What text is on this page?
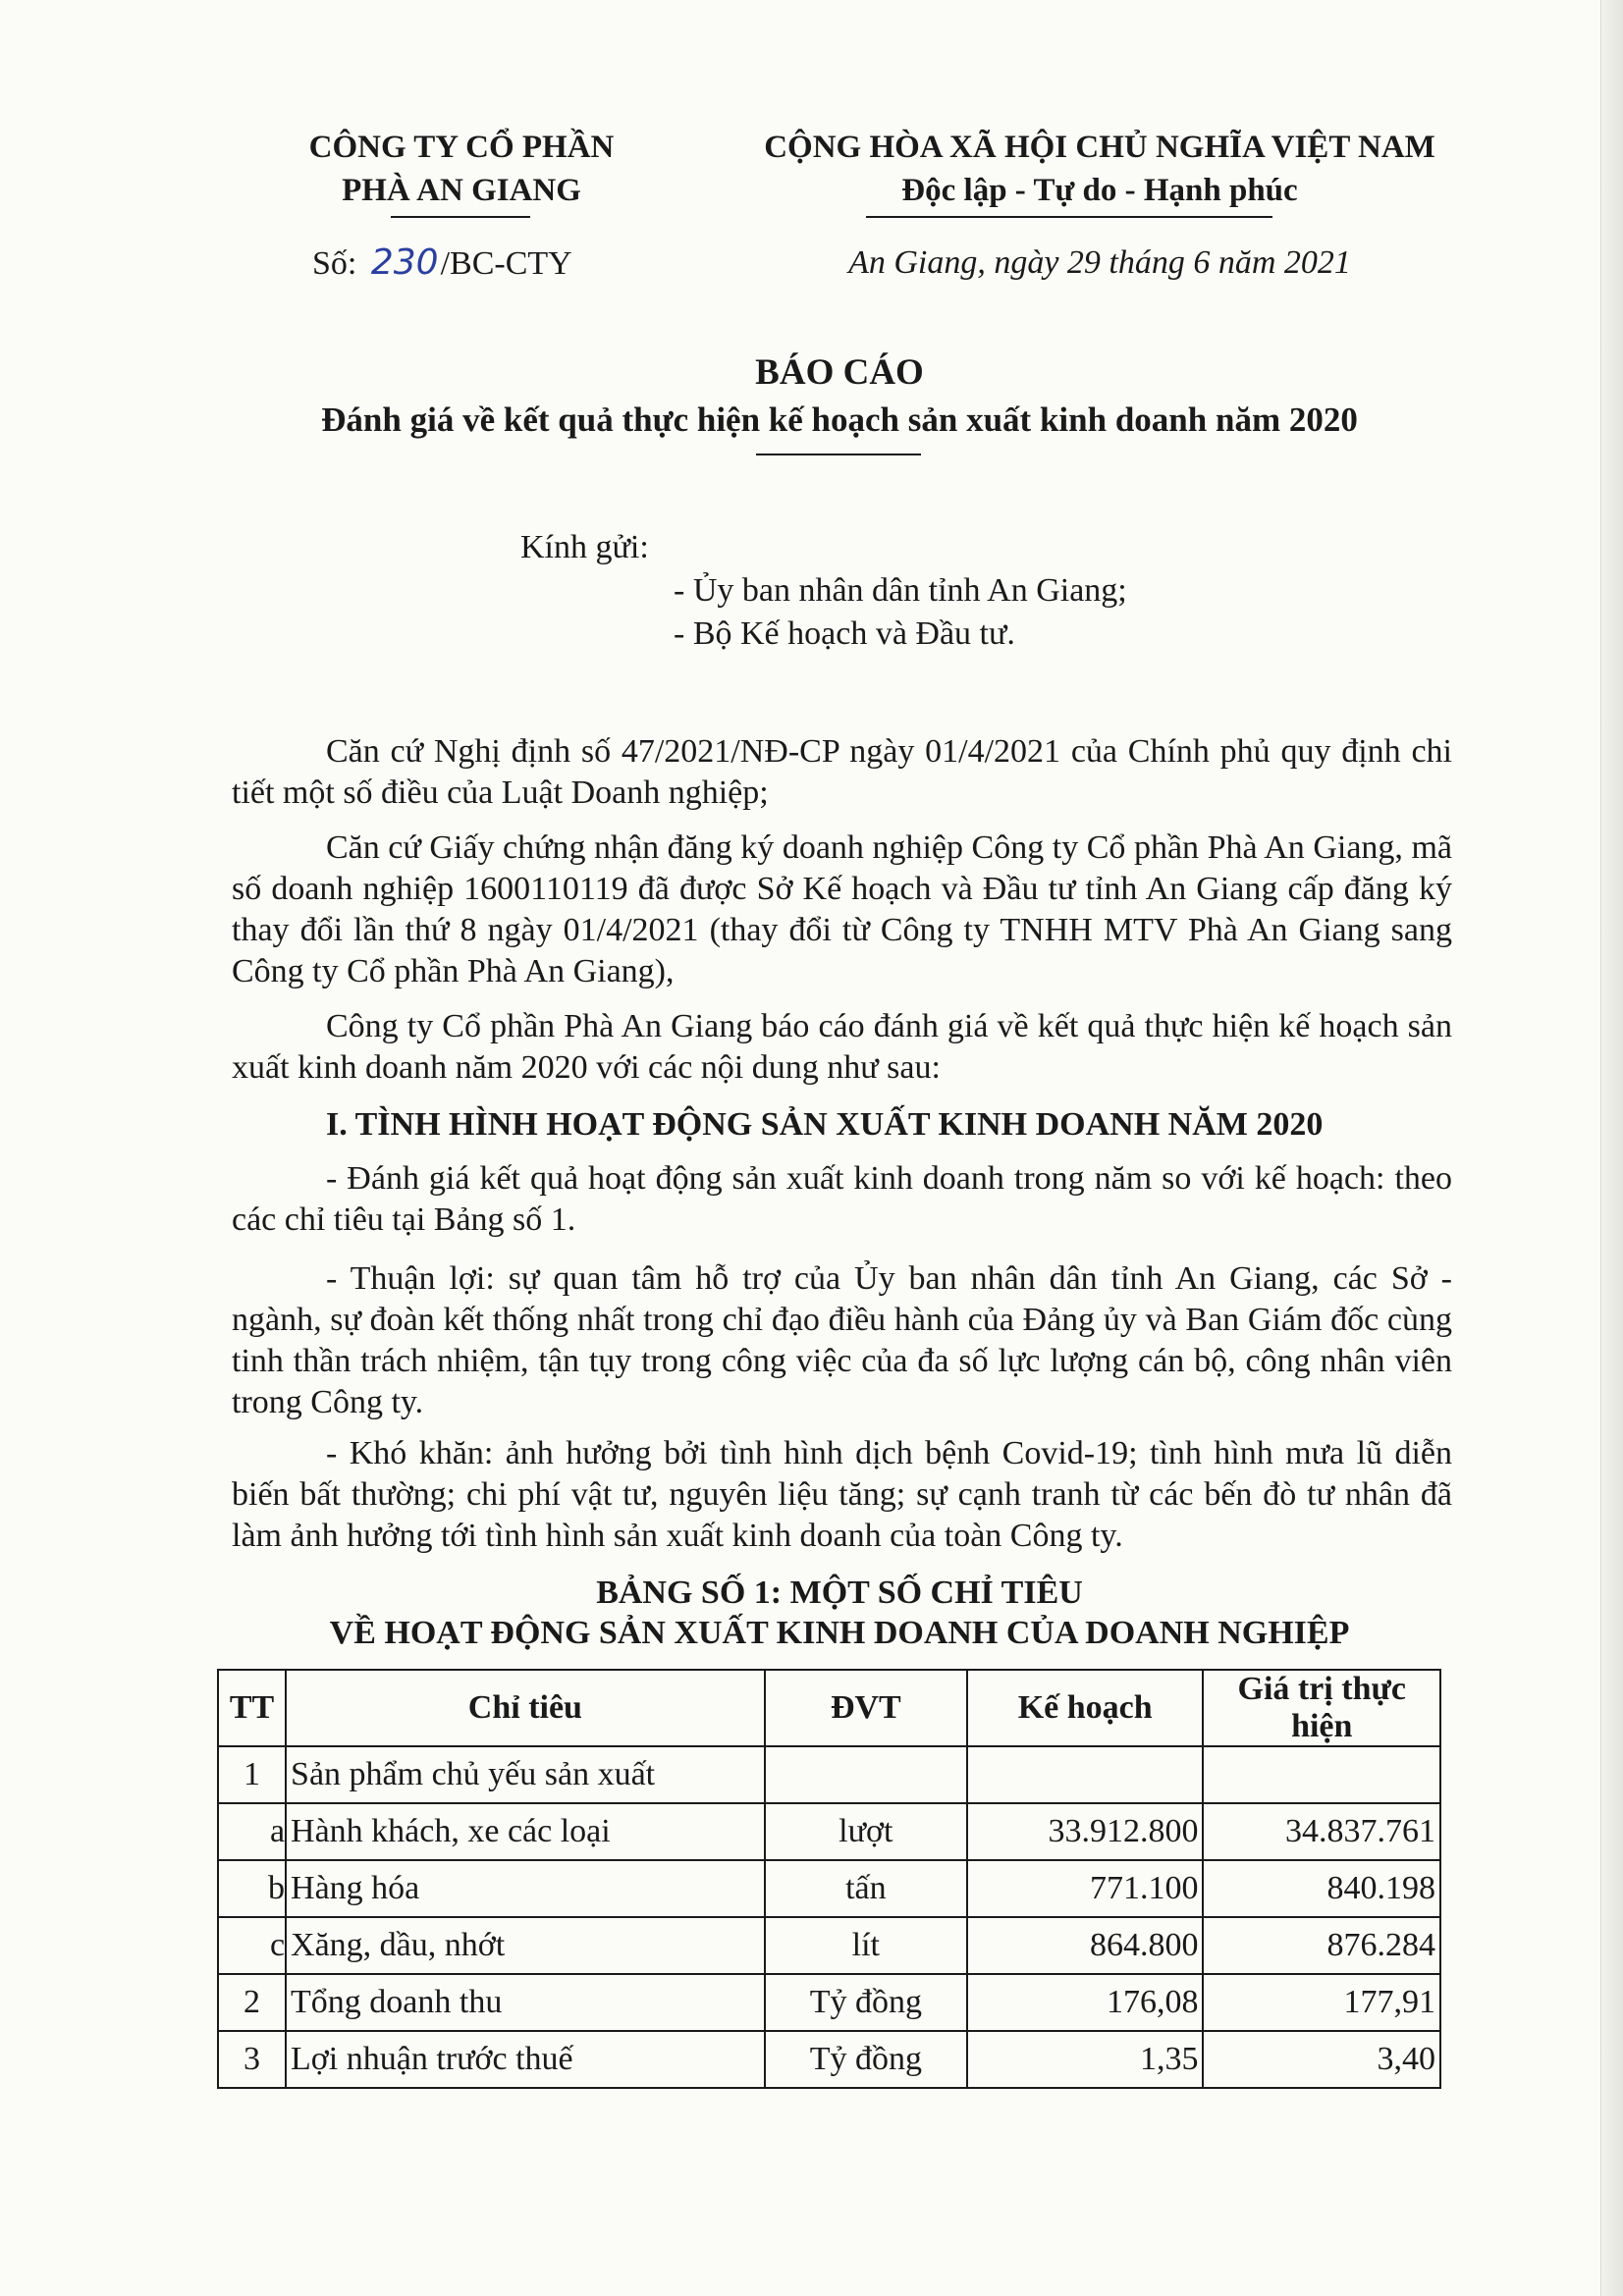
CÔNG TY CỔ PHẦN
PHÀ AN GIANG
Số: 230/BC-CTY
CỘNG HÒA XÃ HỘI CHỦ NGHĨA VIỆT NAM
Độc lập - Tự do - Hạnh phúc
An Giang, ngày 29 tháng 6 năm 2021
BÁO CÁO
Đánh giá về kết quả thực hiện kế hoạch sản xuất kinh doanh năm 2020
Kính gửi:
- Ủy ban nhân dân tỉnh An Giang;
- Bộ Kế hoạch và Đầu tư.
Căn cứ Nghị định số 47/2021/NĐ-CP ngày 01/4/2021 của Chính phủ quy định chi tiết một số điều của Luật Doanh nghiệp;
Căn cứ Giấy chứng nhận đăng ký doanh nghiệp Công ty Cổ phần Phà An Giang, mã số doanh nghiệp 1600110119 đã được Sở Kế hoạch và Đầu tư tỉnh An Giang cấp đăng ký thay đổi lần thứ 8 ngày 01/4/2021 (thay đổi từ Công ty TNHH MTV Phà An Giang sang Công ty Cổ phần Phà An Giang),
Công ty Cổ phần Phà An Giang báo cáo đánh giá về kết quả thực hiện kế hoạch sản xuất kinh doanh năm 2020 với các nội dung như sau:
I. TÌNH HÌNH HOẠT ĐỘNG SẢN XUẤT KINH DOANH NĂM 2020
- Đánh giá kết quả hoạt động sản xuất kinh doanh trong năm so với kế hoạch: theo các chỉ tiêu tại Bảng số 1.
- Thuận lợi: sự quan tâm hỗ trợ của Ủy ban nhân dân tỉnh An Giang, các Sở - ngành, sự đoàn kết thống nhất trong chỉ đạo điều hành của Đảng ủy và Ban Giám đốc cùng tinh thần trách nhiệm, tận tụy trong công việc của đa số lực lượng cán bộ, công nhân viên trong Công ty.
- Khó khăn: ảnh hưởng bởi tình hình dịch bệnh Covid-19; tình hình mưa lũ diễn biến bất thường; chi phí vật tư, nguyên liệu tăng; sự cạnh tranh từ các bến đò tư nhân đã làm ảnh hưởng tới tình hình sản xuất kinh doanh của toàn Công ty.
BẢNG SỐ 1: MỘT SỐ CHỈ TIÊU
VỀ HOẠT ĐỘNG SẢN XUẤT KINH DOANH CỦA DOANH NGHIỆP
TT	Chỉ tiêu	ĐVT	Kế hoạch	Giá trị thực hiện
1	Sản phẩm chủ yếu sản xuất			
a	Hành khách, xe các loại	lượt	33.912.800	34.837.761
b	Hàng hóa	tấn	771.100	840.198
c	Xăng, dầu, nhớt	lít	864.800	876.284
2	Tổng doanh thu	Tỷ đồng	176,08	177,91
3	Lợi nhuận trước thuế	Tỷ đồng	1,35	3,40
